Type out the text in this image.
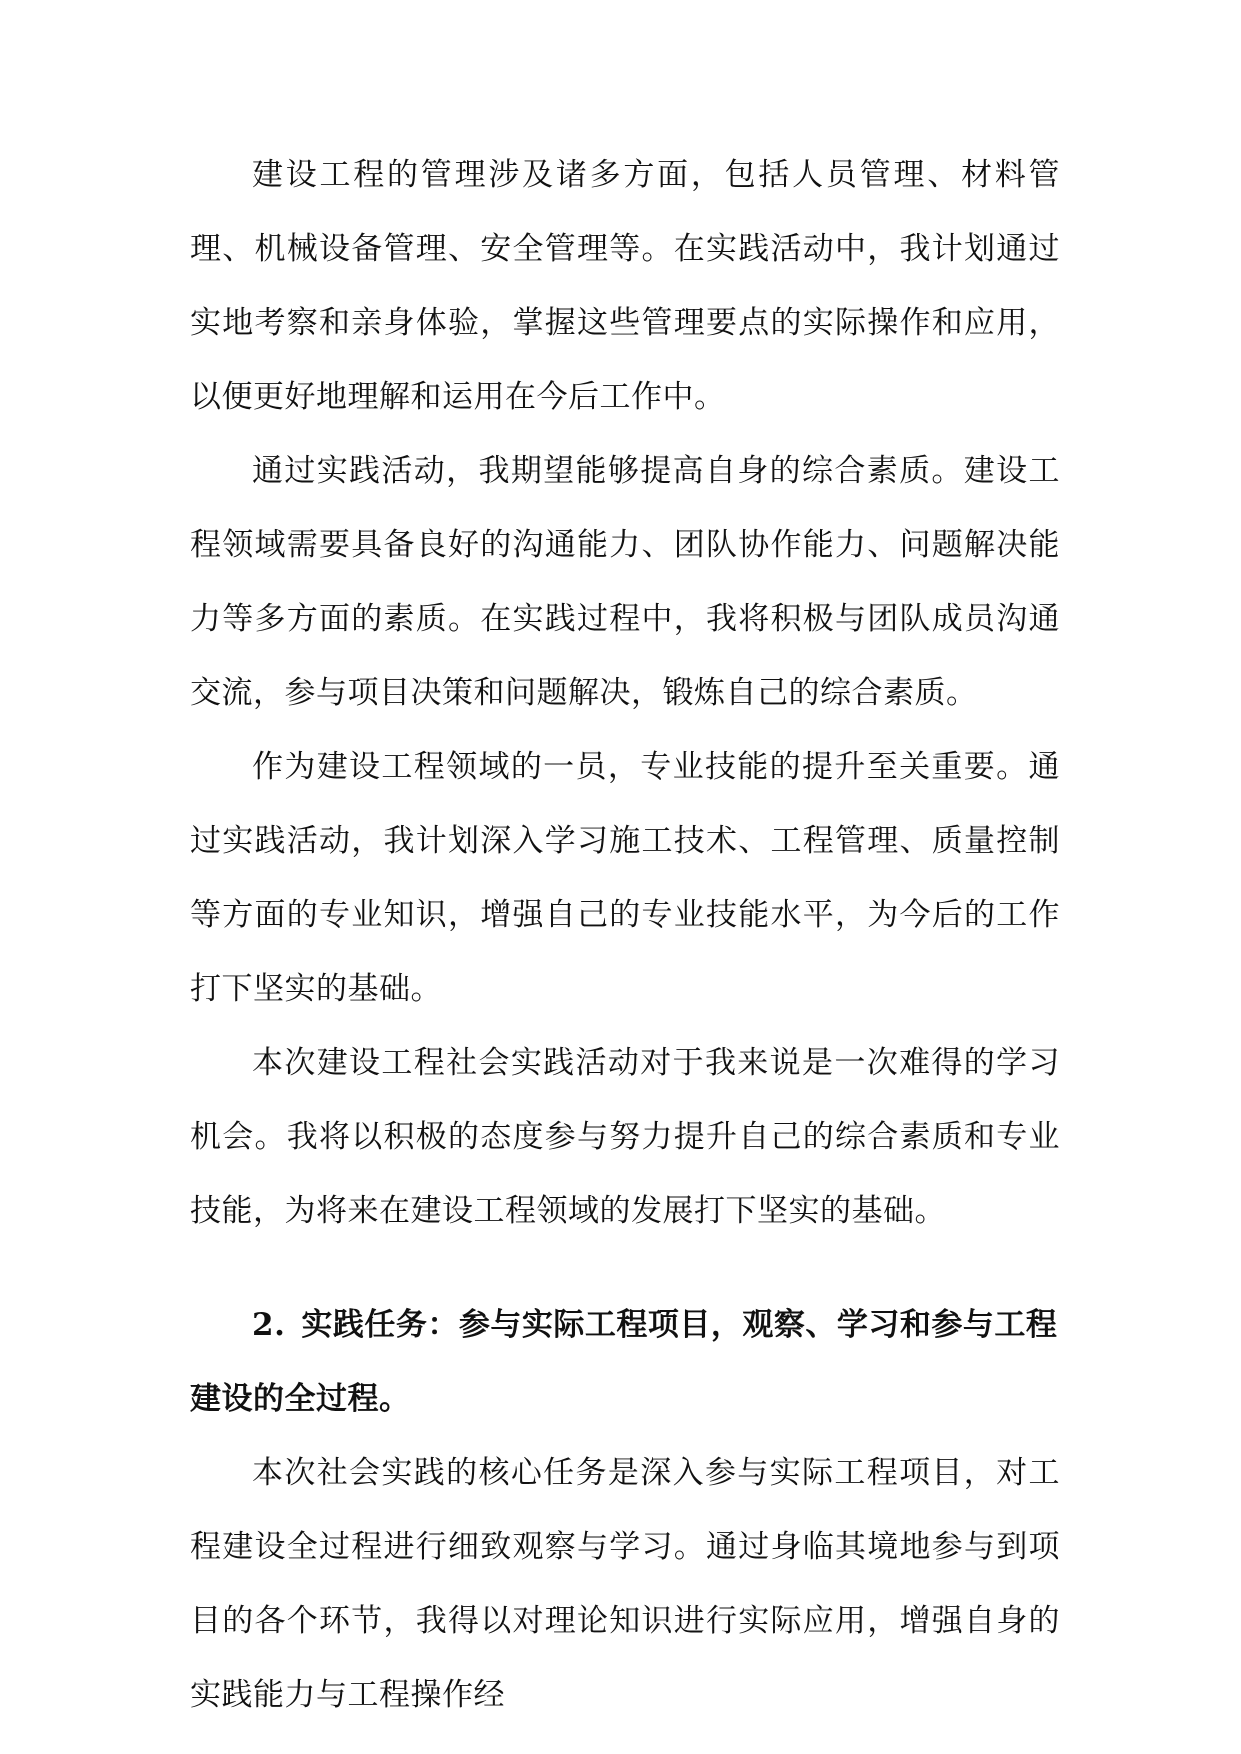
建设工程的管理涉及诸多方面，包括人员管理、材料管理、机械设备管理、安全管理等。在实践活动中，我计划通过实地考察和亲身体验，掌握这些管理要点的实际操作和应用，以便更好地理解和运用在今后工作中。

通过实践活动，我期望能够提高自身的综合素质。建设工程领域需要具备良好的沟通能力、团队协作能力、问题解决能力等多方面的素质。在实践过程中，我将积极与团队成员沟通交流，参与项目决策和问题解决，锻炼自己的综合素质。

作为建设工程领域的一员，专业技能的提升至关重要。通过实践活动，我计划深入学习施工技术、工程管理、质量控制等方面的专业知识，增强自己的专业技能水平，为今后的工作打下坚实的基础。

本次建设工程社会实践活动对于我来说是一次难得的学习机会。我将以积极的态度参与努力提升自己的综合素质和专业技能，为将来在建设工程领域的发展打下坚实的基础。

2. 实践任务：参与实际工程项目，观察、学习和参与工程建设的全过程。

本次社会实践的核心任务是深入参与实际工程项目，对工程建设全过程进行细致观察与学习。通过身临其境地参与到项目的各个环节，我得以对理论知识进行实际应用，增强自身的实践能力与工程操作经
